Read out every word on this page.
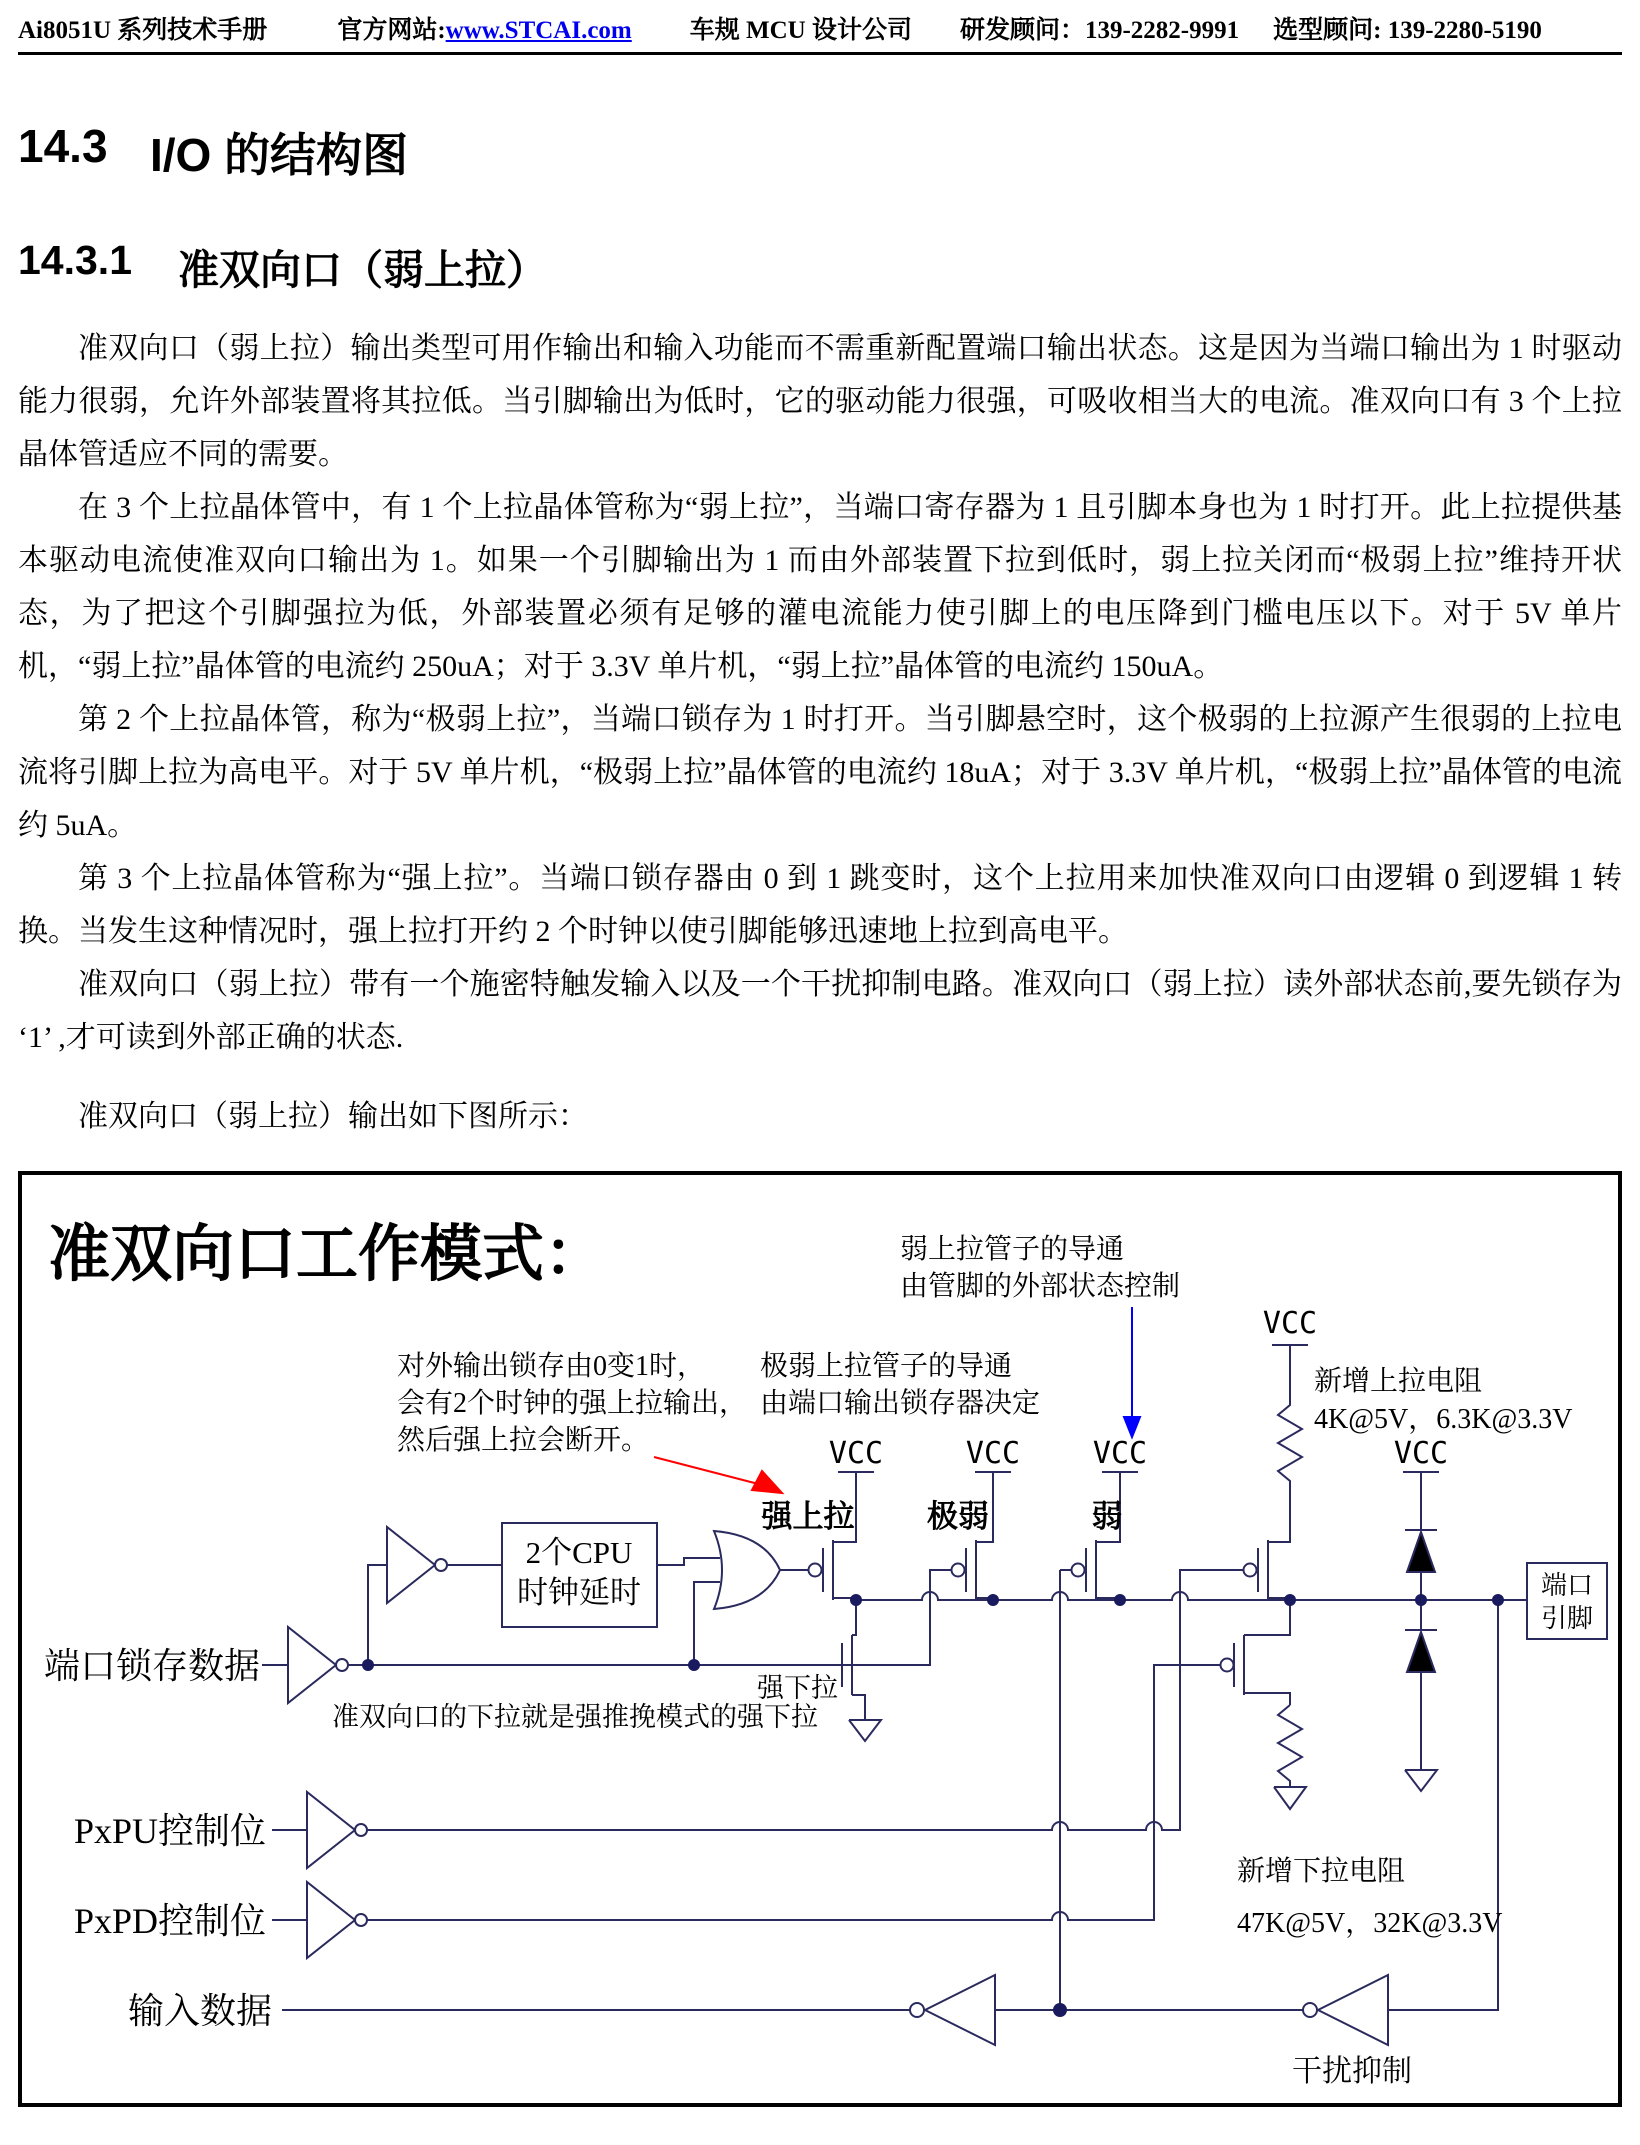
Ai8051U 系列技术手册	官方网站: www.STCAI.com 车规 MCU 设计公司 研发顾问：139-2282-9991 选型顾问: 139-2280-5190
14.3 I/O 的结构图
14.3.1	准双向口（弱上拉）

准双向口（弱上拉）输出类型可用作输出和输入功能而不需重新配置端口输出状态。这是因为当端口输出为 1 时驱动能力很弱，允许外部装置将其拉低。当引脚输出为低时，它的驱动能力很强，可吸收相当大的电流。准双向口有 3 个上拉晶体管适应不同的需要。

在 3 个上拉晶体管中，有 1 个上拉晶体管称为“弱上拉”，当端口寄存器为 1 且引脚本身也为 1 时打开。此上拉提供基本驱动电流使准双向口输出为 1。如果一个引脚输出为 1 而由外部装置下拉到低时，弱上拉关闭而“极弱上拉”维持开状态，为了把这个引脚强拉为低，外部装置必须有足够的灌电流能力使引脚上的电压降到门槛电压以下。对于 5V 单片机，“弱上拉”晶体管的电流约 250uA；对于 3.3V 单片机，“弱上拉”晶体管的电流约 150uA。

第 2 个上拉晶体管，称为“极弱上拉”，当端口锁存为 1 时打开。当引脚悬空时，这个极弱的上拉源产生很弱的上拉电流将引脚上拉为高电平。对于 5V 单片机，“极弱上拉”晶体管的电流约 18uA；对于 3.3V 单片机，“极弱上拉”晶体管的电流约 5uA。

第 3 个上拉晶体管称为“强上拉”。当端口锁存器由 0 到 1 跳变时，这个上拉用来加快准双向口由逻辑 0 到逻辑 1 转换。当发生这种情况时，强上拉打开约 2 个时钟以使引脚能够迅速地上拉到高电平。

准双向口（弱上拉）带有一个施密特触发输入以及一个干扰抑制电路。准双向口（弱上拉）读外部状态前,要先锁存为 ‘1’ ,才可读到外部正确的状态.

准双向口（弱上拉）输出如下图所示：

准双向口工作模式：
对外输出锁存由0变1时，
会有2个时钟的强上拉输出，
然后强上拉会断开。
极弱上拉管子的导通
由端口输出锁存器决定
弱上拉管子的导通
由管脚的外部状态控制
新增上拉电阻
4K@5V，6.3K@3.3V
新增下拉电阻
47K@5V，32K@3.3V
VCC	VCC VCC	VCC
VCC
强上拉 极弱	弱
强下拉
准双向口的下拉就是强推挽模式的强下拉
2个CPU
时钟延时
端口锁存数据
PxPU控制位
PxPD控制位
输入数据
干扰抑制
端口
引脚
